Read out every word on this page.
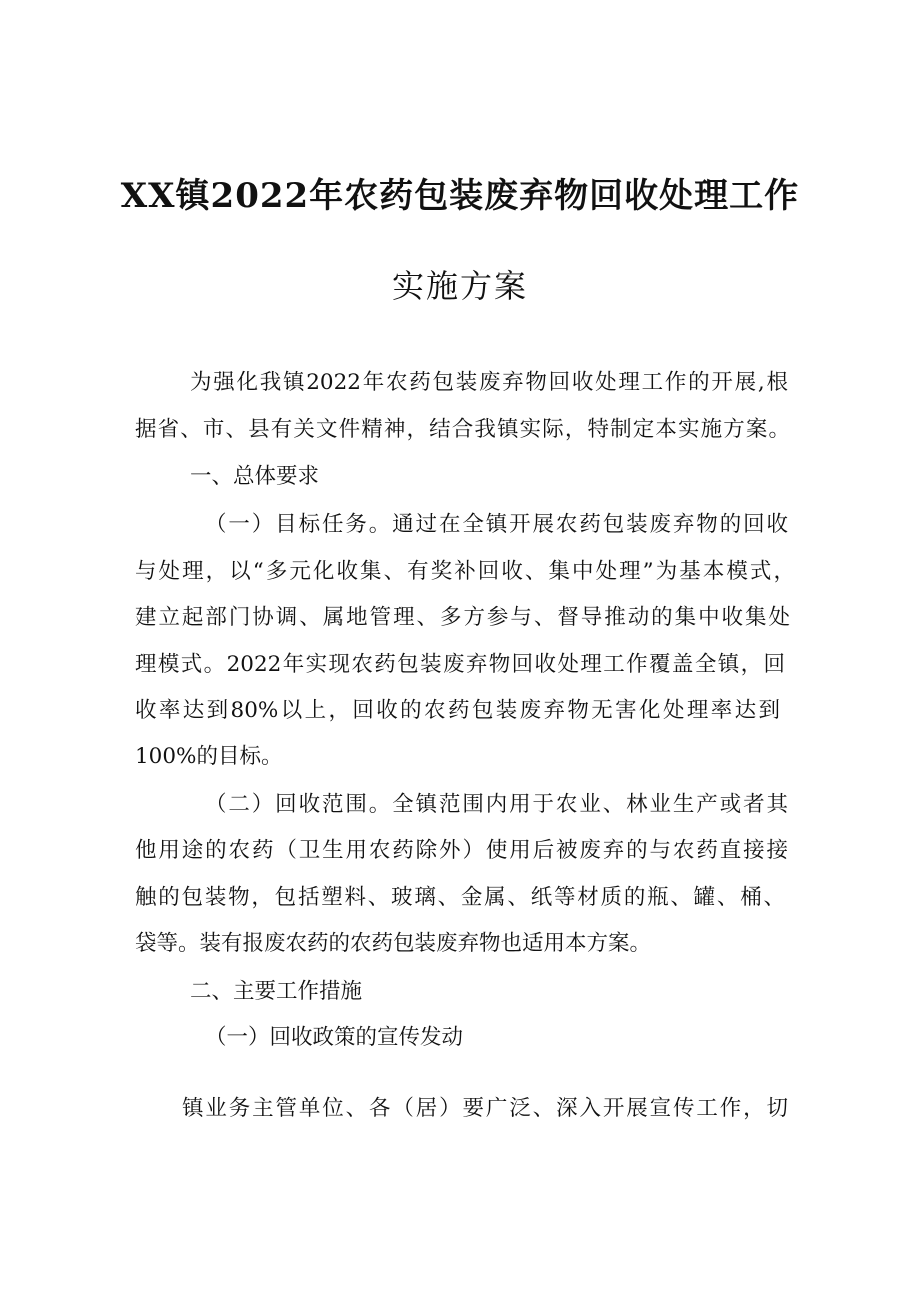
XX镇2022年农药包装废弃物回收处理工作
实施方案
为强化我镇2022年农药包装废弃物回收处理工作的开展,根
据省、市、县有关文件精神，结合我镇实际，特制定本实施方案。
一、总体要求
（一）目标任务。通过在全镇开展农药包装废弃物的回收
与处理，以“多元化收集、有奖补回收、集中处理”为基本模式，
建立起部门协调、属地管理、多方参与、督导推动的集中收集处
理模式。2022年实现农药包装废弃物回收处理工作覆盖全镇，回
收率达到80%以上，回收的农药包装废弃物无害化处理率达到
100%的目标。
（二）回收范围。全镇范围内用于农业、林业生产或者其
他用途的农药（卫生用农药除外）使用后被废弃的与农药直接接
触的包装物，包括塑料、玻璃、金属、纸等材质的瓶、罐、桶、
袋等。装有报废农药的农药包装废弃物也适用本方案。
二、主要工作措施
（一）回收政策的宣传发动
镇业务主管单位、各（居）要广泛、深入开展宣传工作，切
